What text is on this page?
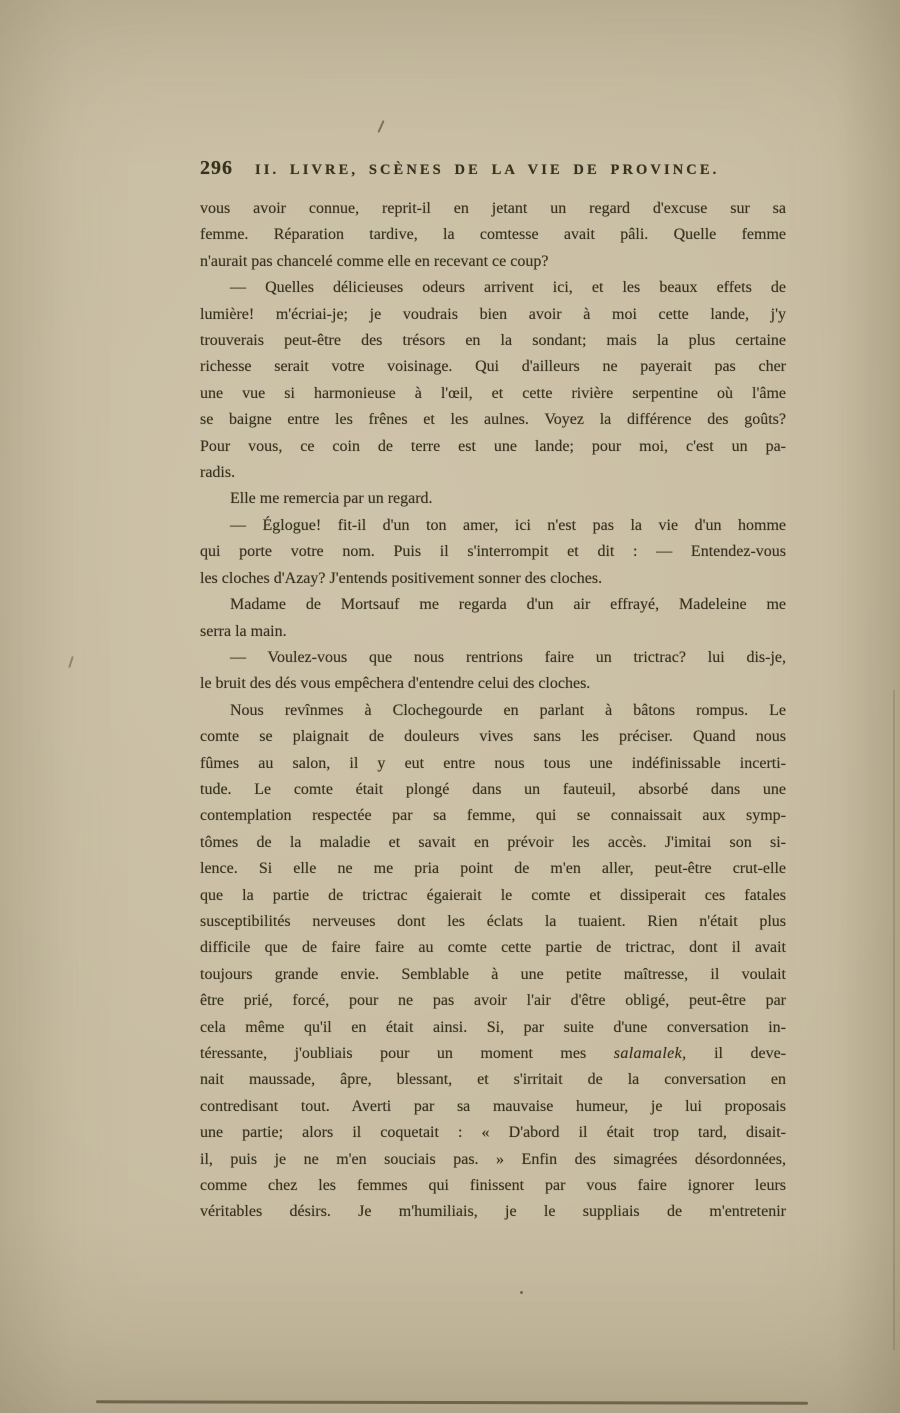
296 II. LIVRE, SCÈNES DE LA VIE DE PROVINCE.
vous avoir connue, reprit-il en jetant un regard d'excuse sur sa
femme. Réparation tardive, la comtesse avait pâli. Quelle femme
n'aurait pas chancelé comme elle en recevant ce coup?
— Quelles délicieuses odeurs arrivent ici, et les beaux effets de
lumière! m'écriai-je; je voudrais bien avoir à moi cette lande, j'y
trouverais peut-être des trésors en la sondant; mais la plus certaine
richesse serait votre voisinage. Qui d'ailleurs ne payerait pas cher
une vue si harmonieuse à l'œil, et cette rivière serpentine où l'âme
se baigne entre les frênes et les aulnes. Voyez la différence des goûts?
Pour vous, ce coin de terre est une lande; pour moi, c'est un pa-
radis.
Elle me remercia par un regard.
— Églogue! fit-il d'un ton amer, ici n'est pas la vie d'un homme
qui porte votre nom. Puis il s'interrompit et dit : — Entendez-vous
les cloches d'Azay? J'entends positivement sonner des cloches.
Madame de Mortsauf me regarda d'un air effrayé, Madeleine me
serra la main.
— Voulez-vous que nous rentrions faire un trictrac? lui dis-je,
le bruit des dés vous empêchera d'entendre celui des cloches.
Nous revînmes à Clochegourde en parlant à bâtons rompus. Le
comte se plaignait de douleurs vives sans les préciser. Quand nous
fûmes au salon, il y eut entre nous tous une indéfinissable incerti-
tude. Le comte était plongé dans un fauteuil, absorbé dans une
contemplation respectée par sa femme, qui se connaissait aux symp-
tômes de la maladie et savait en prévoir les accès. J'imitai son si-
lence. Si elle ne me pria point de m'en aller, peut-être crut-elle
que la partie de trictrac égaierait le comte et dissiperait ces fatales
susceptibilités nerveuses dont les éclats la tuaient. Rien n'était plus
difficile que de faire faire au comte cette partie de trictrac, dont il avait
toujours grande envie. Semblable à une petite maîtresse, il voulait
être prié, forcé, pour ne pas avoir l'air d'être obligé, peut-être par
cela même qu'il en était ainsi. Si, par suite d'une conversation in-
téressante, j'oubliais pour un moment mes salamalek, il deve-
nait maussade, âpre, blessant, et s'irritait de la conversation en
contredisant tout. Averti par sa mauvaise humeur, je lui proposais
une partie; alors il coquetait : « D'abord il était trop tard, disait-
il, puis je ne m'en souciais pas. » Enfin des simagrées désordonnées,
comme chez les femmes qui finissent par vous faire ignorer leurs
véritables désirs. Je m'humiliais, je le suppliais de m'entretenir
